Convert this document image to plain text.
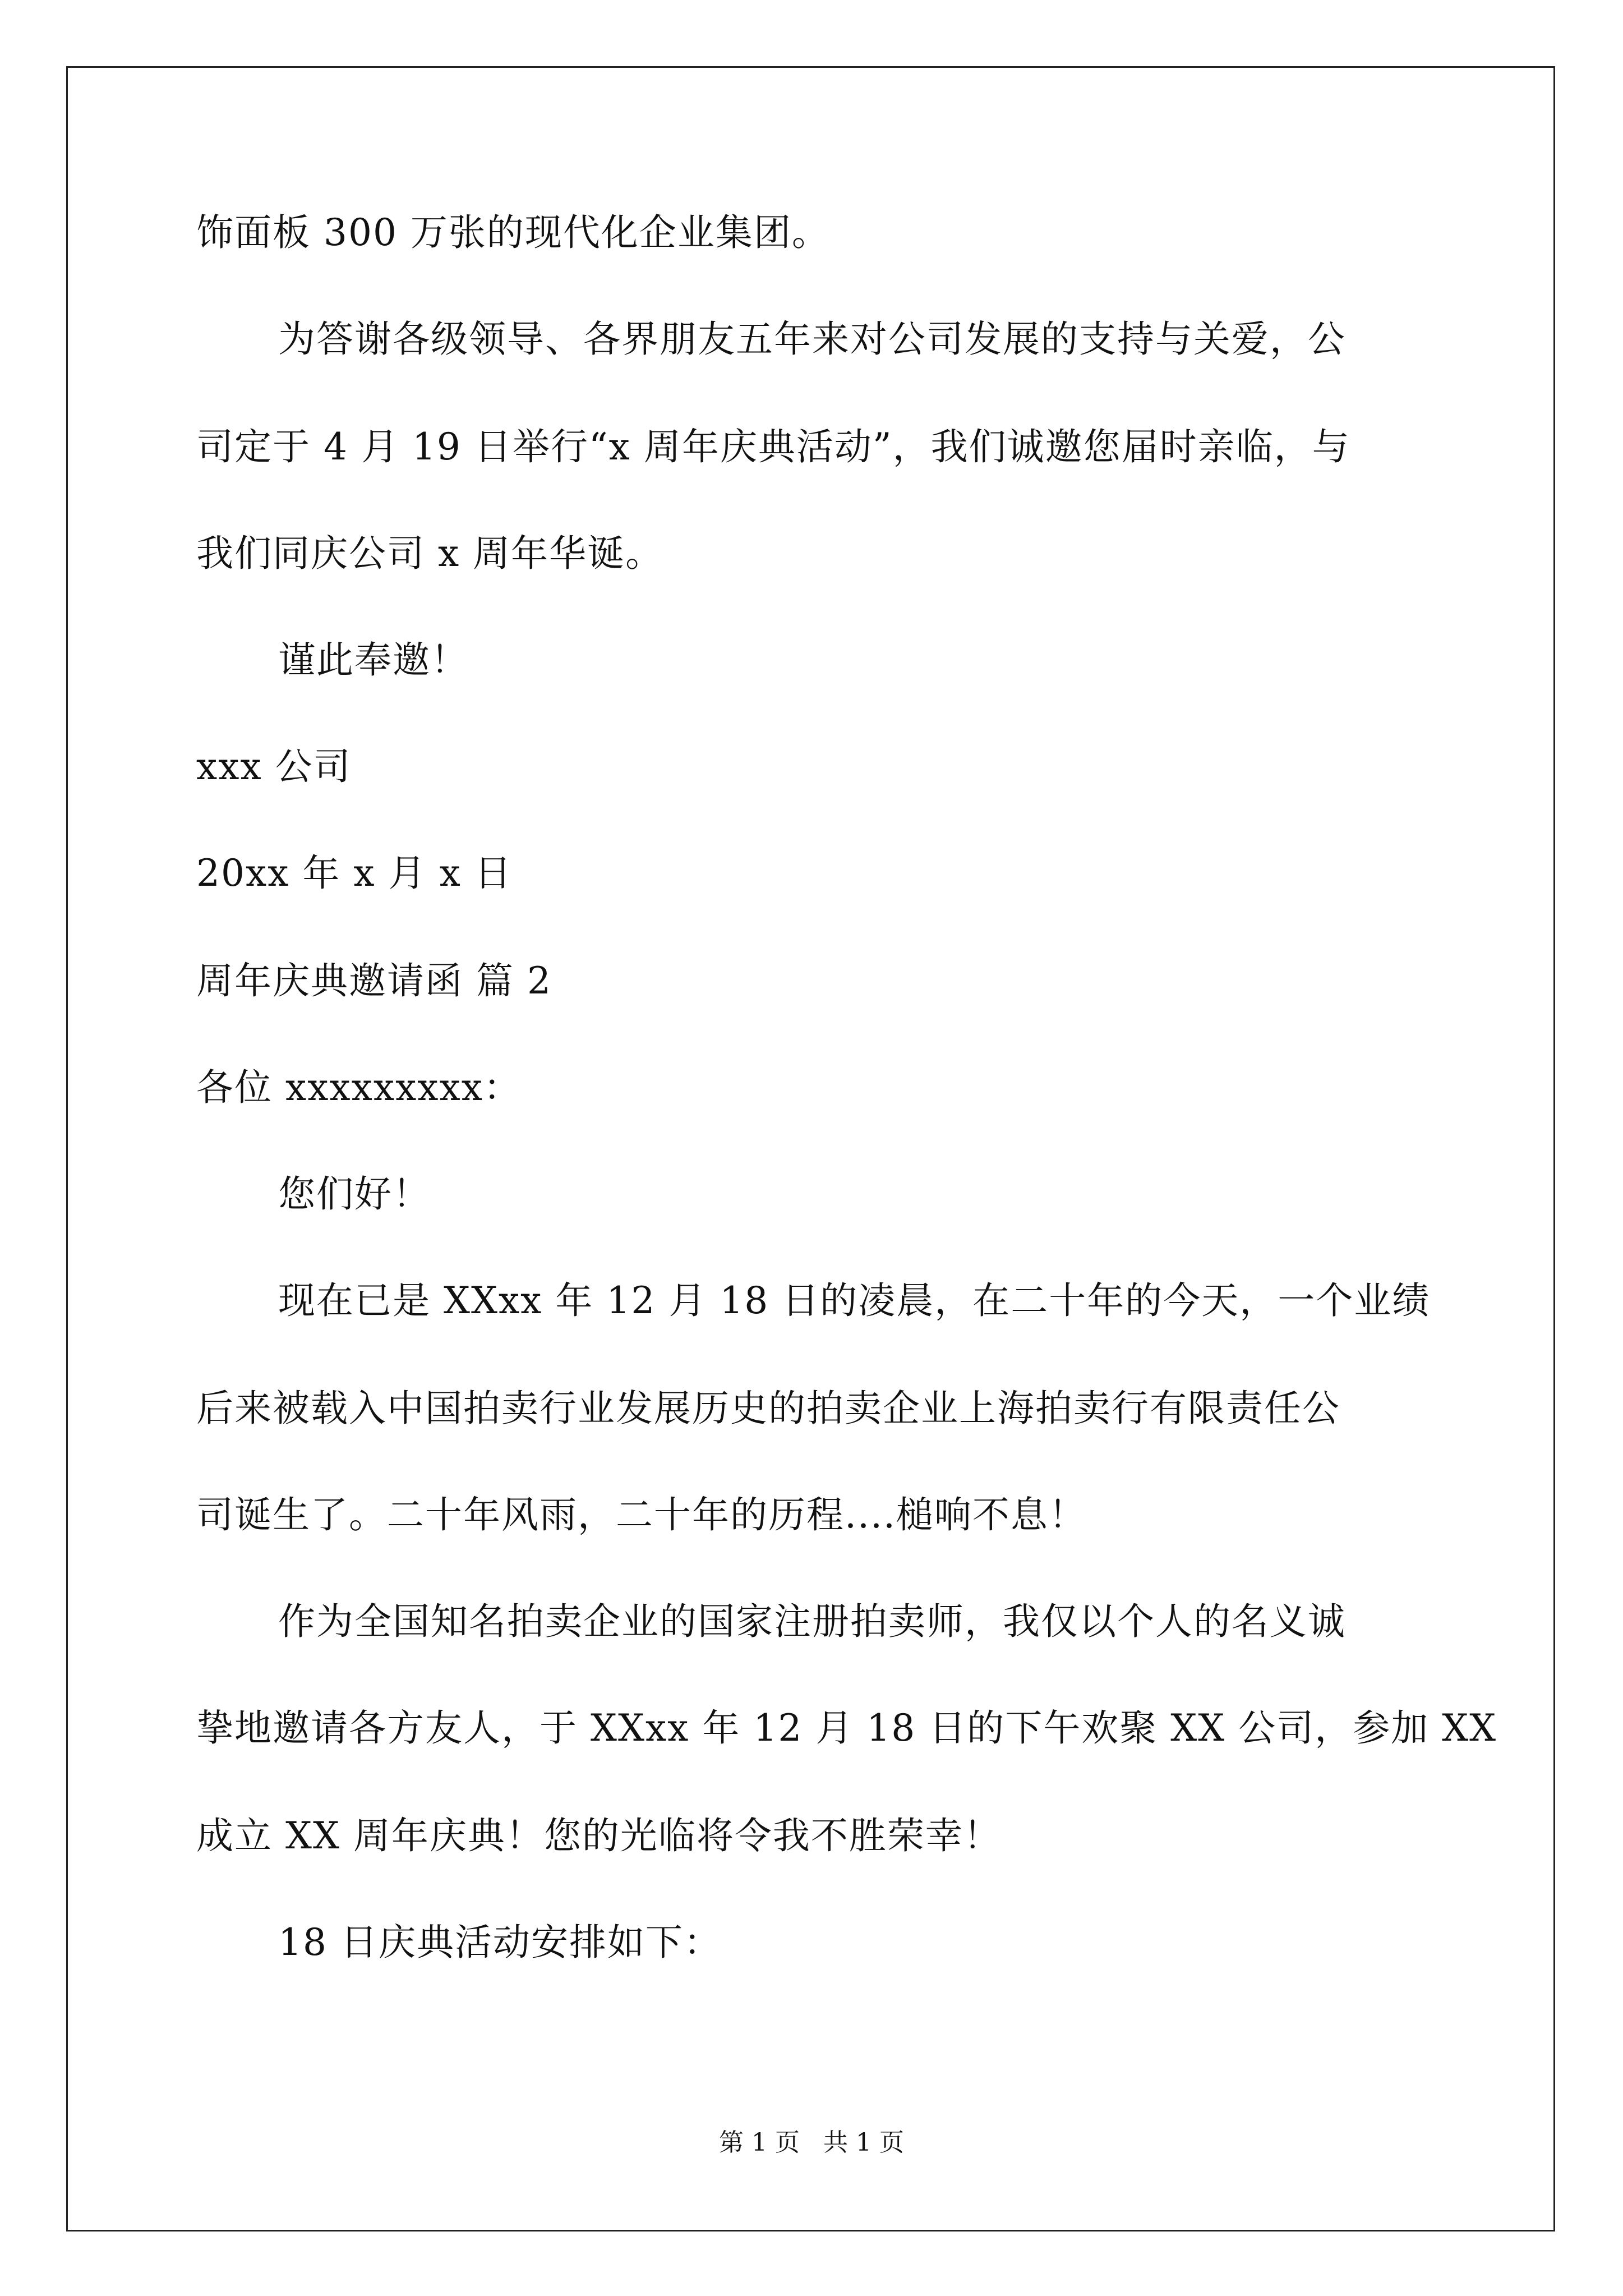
饰面板 300 万张的现代化企业集团。
为答谢各级领导、各界朋友五年来对公司发展的支持与关爱，公
司定于 4 月 19 日举行“x 周年庆典活动”，我们诚邀您届时亲临，与
我们同庆公司 x 周年华诞。
谨此奉邀！
xxx 公司
20xx 年 x 月 x 日
周年庆典邀请函 篇 2
各位 xxxxxxxxx：
您们好！
现在已是 XXxx 年 12 月 18 日的凌晨，在二十年的今天，一个业绩
后来被载入中国拍卖行业发展历史的拍卖企业上海拍卖行有限责任公
司诞生了。二十年风雨，二十年的历程....槌响不息！
作为全国知名拍卖企业的国家注册拍卖师，我仅以个人的名义诚
挚地邀请各方友人，于 XXxx 年 12 月 18 日的下午欢聚 XX 公司，参加 XX
成立 XX 周年庆典！您的光临将令我不胜荣幸！
18 日庆典活动安排如下：
第 1 页   共 1 页
